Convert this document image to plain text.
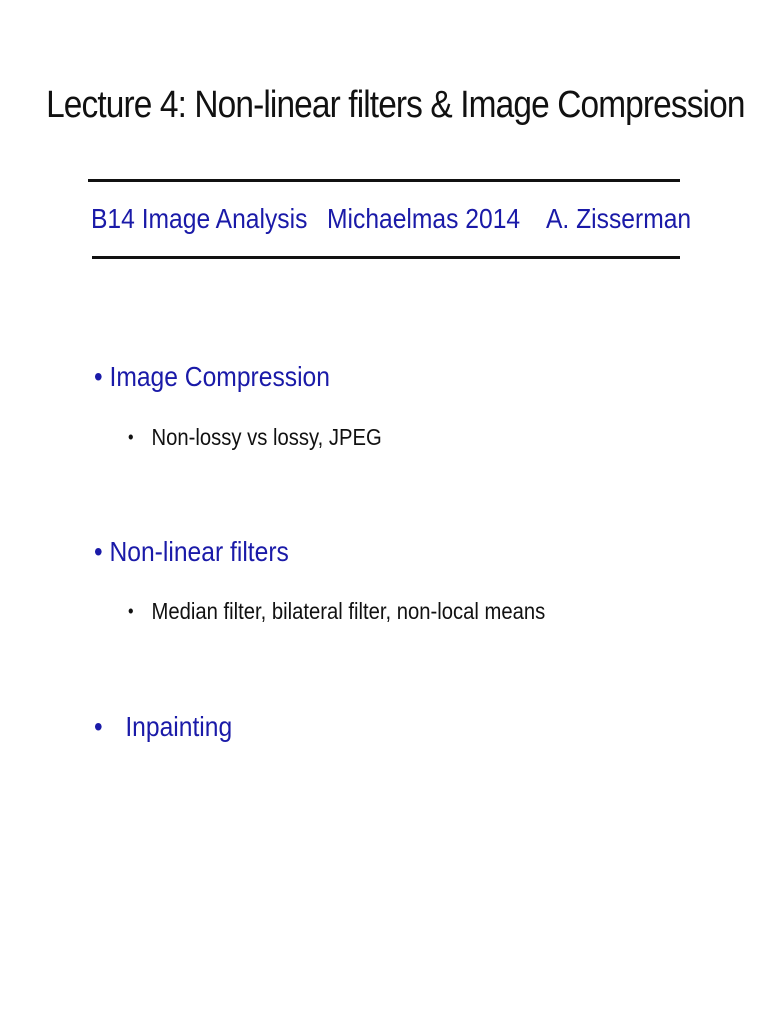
Lecture 4: Non-linear filters & Image Compression
B14 Image Analysis Michaelmas 2014 A. Zisserman
• Image Compression
• Non-lossy vs lossy, JPEG
• Non-linear filters
• Median filter, bilateral filter, non-local means
• Inpainting
